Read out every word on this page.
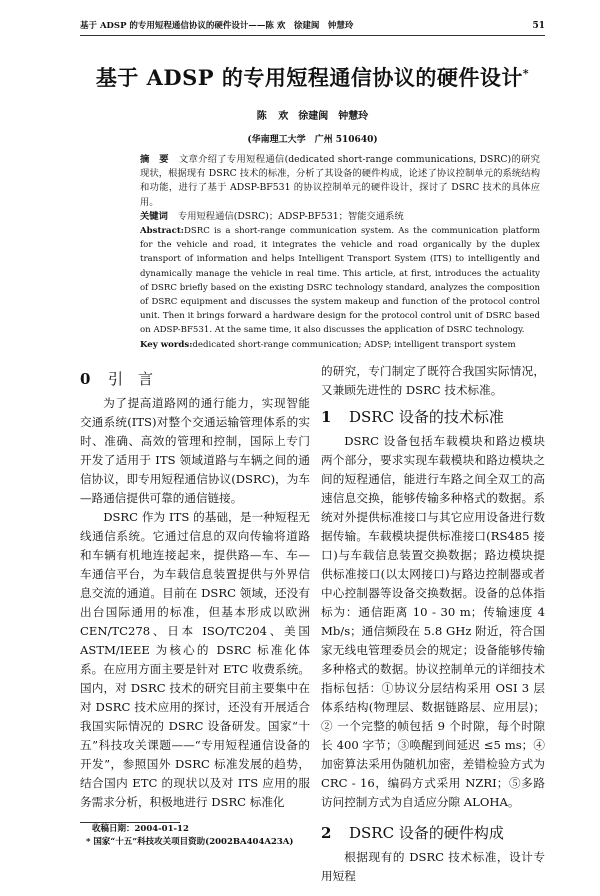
基于 ADSP 的专用短程通信协议的硬件设计——陈 欢　徐建闽　钟慧玲	51
基于 ADSP 的专用短程通信协议的硬件设计*
陈 欢　徐建闽　钟慧玲
(华南理工大学　广州 510640)

摘　要 文章介绍了专用短程通信(dedicated short-range communications, DSRC)的研究现状，根据现有 DSRC 技术的标准，分析了其设备的硬件构成，论述了协议控制单元的系统结构和功能，进行了基于 ADSP-BF531 的协议控制单元的硬件设计，探讨了 DSRC 技术的具体应用。

关键词 专用短程通信(DSRC)；ADSP-BF531；智能交通系统

Abstract:DSRC is a short-range communication system. As the communication platform for the vehicle and road, it integrates the vehicle and road organically by the duplex transport of information and helps Intelligent Transport System (ITS) to intelligently and dynamically manage the vehicle in real time. This article, at first, introduces the actuality of DSRC briefly based on the existing DSRC technology standard, analyzes the composition of DSRC equipment and discusses the system makeup and function of the protocol control unit. Then it brings forward a hardware design for the protocol control unit of DSRC based on ADSP-BF531. At the same time, it also discusses the application of DSRC technology.

Key words:dedicated short-range communication; ADSP; intelligent transport system

0 引　言

为了提高道路网的通行能力，实现智能交通系统(ITS)对整个交通运输管理体系的实时、准确、高效的管理和控制，国际上专门开发了适用于 ITS 领域道路与车辆之间的通信协议，即专用短程通信协议(DSRC)，为车—路通信提供可靠的通信链接。

DSRC 作为 ITS 的基础，是一种短程无线通信系统。它通过信息的双向传输将道路和车辆有机地连接起来，提供路—车、车—车通信平台，为车载信息装置提供与外界信息交流的通道。目前在 DSRC 领域，还没有出台国际通用的标准，但基本形成以欧洲 CEN/TC278、日本 ISO/TC204、美国 ASTM/IEEE 为核心的 DSRC 标准化体系。在应用方面主要是针对 ETC 收费系统。国内，对 DSRC 技术的研究目前主要集中在对 DSRC 技术应用的探讨，还没有开展适合我国实际情况的 DSRC 设备研发。国家“十五”科技攻关课题——“专用短程通信设备的开发”，参照国外 DSRC 标准发展的趋势，结合国内 ETC 的现状以及对 ITS 应用的服务需求分析，积极地进行 DSRC 标准化

收稿日期：2004-01-12
* 国家“十五”科技攻关项目资助(2002BA404A23A)

的研究，专门制定了既符合我国实际情况，又兼顾先进性的 DSRC 技术标准。

1 DSRC 设备的技术标准

DSRC 设备包括车载模块和路边模块两个部分，要求实现车载模块和路边模块之间的短程通信，能进行车路之间全双工的高速信息交换，能够传输多种格式的数据。系统对外提供标准接口与其它应用设备进行数据传输。车载模块提供标准接口(RS485 接口)与车载信息装置交换数据；路边模块提供标准接口(以太网接口)与路边控制器或者中心控制器等设备交换数据。设备的总体指标为：通信距离 10 - 30 m；传输速度 4 Mb/s；通信频段在 5.8 GHz 附近，符合国家无线电管理委员会的规定；设备能够传输多种格式的数据。协议控制单元的详细技术指标包括：①协议分层结构采用 OSI 3 层体系结构(物理层、数据链路层、应用层)；② 一个完整的帧包括 9 个时隙，每个时隙长 400 字节；③唤醒到间延迟 ≤5 ms；④加密算法采用伪随机加密，差错检验方式为 CRC - 16，编码方式采用 NZRI；⑤多路访问控制方式为自适应分隙 ALOHA。

2 DSRC 设备的硬件构成

根据现有的 DSRC 技术标准，设计专用短程
